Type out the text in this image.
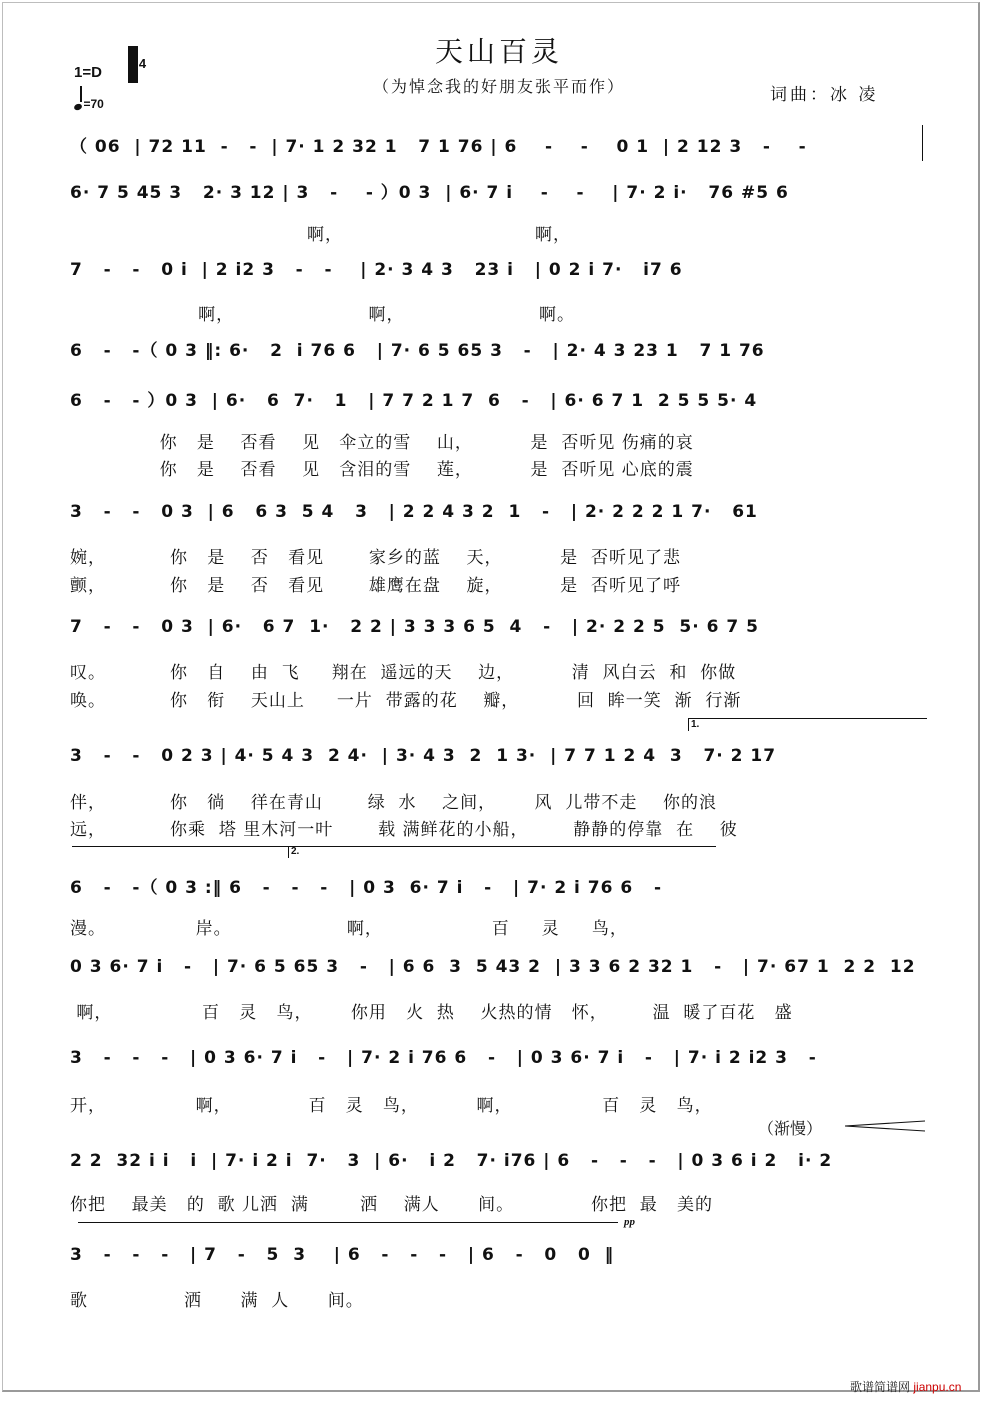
天山百灵
（为悼念我的好朋友张平而作）	词曲：冰 凌
1=D
4
=70
（ 06  | 72 11  -   -  | 7· 1 2 32 1   7 1 76 | 6    -    -    0 1  | 2 12 3   -    -
6· 7 5 45 3   2· 3 12 | 3   -    - ）0 3  | 6· 7 i    -    -    | 7· 2 i·   76 #5 6
啊，                              啊，
7   -   -   0 i  | 2 i2 3   -   -    | 2· 3 4 3   23 i   | 0 2 i 7·   i7 6
啊，                     啊，                     啊。
6   -   -（ 0 3 ‖: 6·   2  i 76 6   | 7· 6 5 65 3   -   | 2· 4 3 23 1   7 1 76
6   -   - ）0 3  | 6·   6  7·   1   | 7 7 2 1 7  6   -   | 6· 6 7 1  2 5 5 5· 4
你   是    否看    见   伞立的雪    山，         是  否听见 伤痛的哀
你   是    否看    见   含泪的雪    莲，         是  否听见 心底的震
3   -   -   0 3  | 6   6 3  5 4   3   | 2 2 4 3 2  1   -   | 2· 2 2 2 1 7·   61
婉，          你   是    否   看见       家乡的蓝    天，         是  否听见了悲
颤，          你   是    否   看见       雄鹰在盘    旋，         是  否听见了呼
7   -   -   0 3  | 6·   6 7  1·   2 2 | 3 3 3 6 5  4   -   | 2· 2 2 5  5· 6 7 5
叹。          你   自    由  飞     翔在  遥远的天    边，         清  风白云  和  你做
唤。          你   衔    天山上     一片  带露的花    瓣，         回  眸一笑  渐  行渐
1.
3   -   -   0 2 3 | 4· 5 4 3  2 4·  | 3· 4 3  2  1 3·  | 7 7 1 2 4  3   7· 2 17
伴，          你   徜    徉在青山       绿  水    之间，      风  儿带不走    你的浪
远，          你乘  塔 里木河一叶       载 满鲜花的小船，       静静的停靠  在    彼
2.
6   -   -（ 0 3 :‖ 6   -   -   -   | 0 3  6· 7 i   -   | 7· 2 i 76 6   -
漫。              岸。                  啊，                 百     灵     鸟，
0 3 6· 7 i   -   | 7· 6 5 65 3   -   | 6 6  3  5 43 2  | 3 3 6 2 32 1   -   | 7· 67 1  2 2  12
啊，              百   灵   鸟，      你用   火  热    火热的情   怀，       温  暖了百花   盛
3   -   -   -   | 0 3 6· 7 i   -   | 7· 2 i 76 6   -   | 0 3 6· 7 i   -   | 7· i 2 i2 3   -
开，              啊，            百   灵   鸟，         啊，              百   灵   鸟，
（渐慢）
2 2  32 i i   i  | 7· i 2 i  7·   3  | 6·   i 2   7· i76 | 6   -   -   -   | 0 3 6 i 2   i· 2
你把    最美   的  歌 儿洒  满        洒    满人      间。            你把  最   美的
pp
3   -   -   -   | 7   -   5  3    | 6   -   -   -   | 6   -   0   0  ‖
歌               洒      满  人      间。
歌谱简谱网 jianpu.cn
